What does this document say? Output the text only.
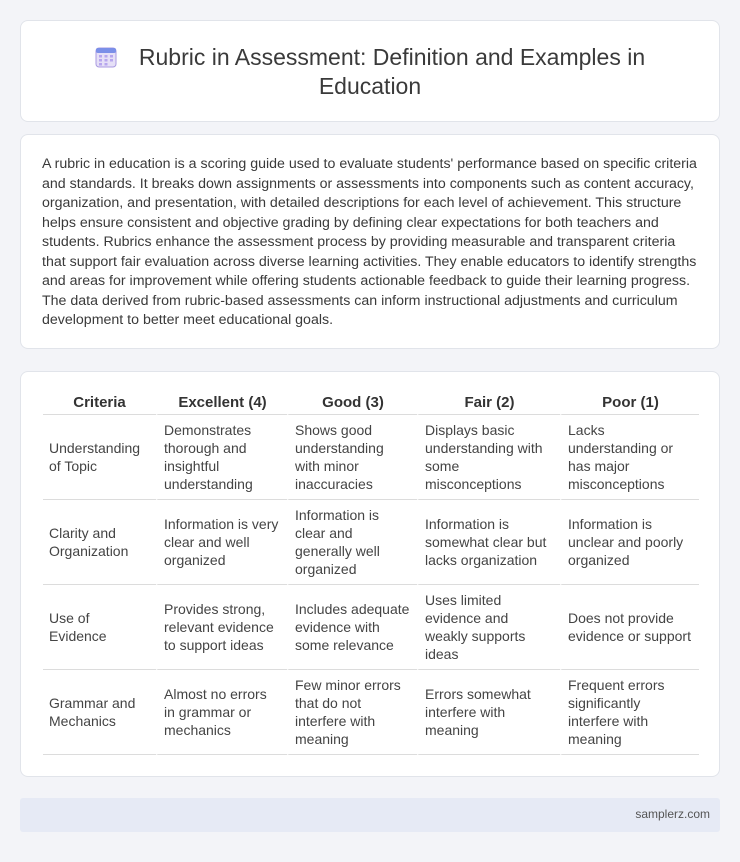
Rubric in Assessment: Definition and Examples in Education

A rubric in education is a scoring guide used to evaluate students' performance based on specific criteria and standards. It breaks down assignments or assessments into components such as content accuracy, organization, and presentation, with detailed descriptions for each level of achievement. This structure helps ensure consistent and objective grading by defining clear expectations for both teachers and students. Rubrics enhance the assessment process by providing measurable and transparent criteria that support fair evaluation across diverse learning activities. They enable educators to identify strengths and areas for improvement while offering students actionable feedback to guide their learning progress. The data derived from rubric-based assessments can inform instructional adjustments and curriculum development to better meet educational goals.

Criteria	Excellent (4)	Good (3)	Fair (2)	Poor (1)
Understanding of Topic	Demonstrates thorough and insightful understanding	Shows good understanding with minor inaccuracies	Displays basic understanding with some misconceptions	Lacks understanding or has major misconceptions
Clarity and Organization	Information is very clear and well organized	Information is clear and generally well organized	Information is somewhat clear but lacks organization	Information is unclear and poorly organized
Use of Evidence	Provides strong, relevant evidence to support ideas	Includes adequate evidence with some relevance	Uses limited evidence and weakly supports ideas	Does not provide evidence or support
Grammar and Mechanics	Almost no errors in grammar or mechanics	Few minor errors that do not interfere with meaning	Errors somewhat interfere with meaning	Frequent errors significantly interfere with meaning
samplerz.com
